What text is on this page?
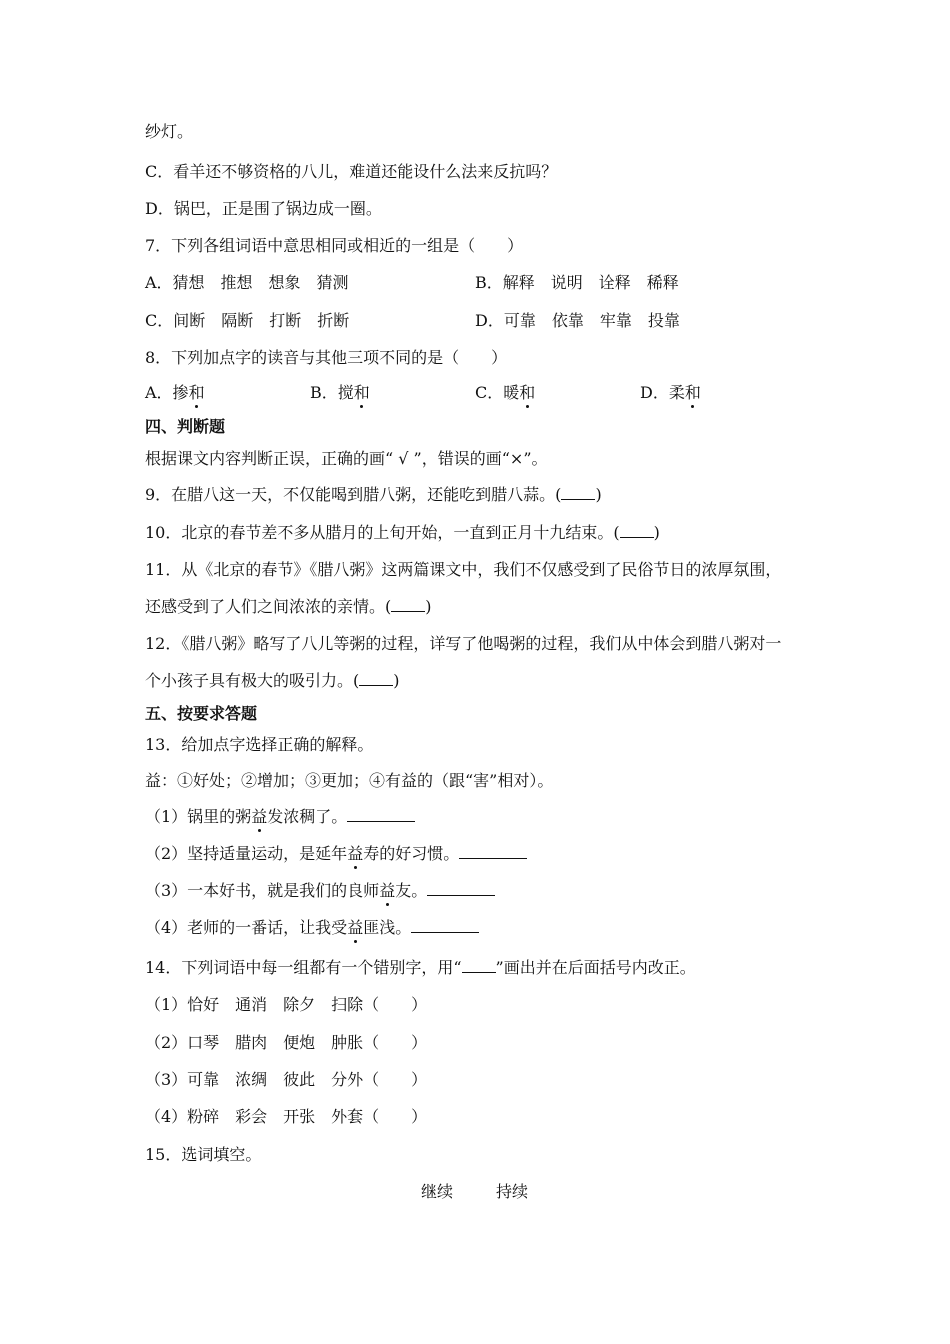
纱灯。
C．看羊还不够资格的八儿，难道还能设什么法来反抗吗？
D．锅巴，正是围了锅边成一圈。
7．下列各组词语中意思相同或相近的一组是（　　）
A．猜想　推想　想象　猜测	B．解释　说明　诠释　稀释
C．间断　隔断　打断　折断	D．可靠　依靠　牢靠　投靠
8．下列加点字的读音与其他三项不同的是（　　）
A．掺和	B．搅和	C．暖和	D．柔和
四、判断题
根据课文内容判断正误，正确的画“ √ ”，错误的画“×”。
9．在腊八这一天，不仅能喝到腊八粥，还能吃到腊八蒜。( )
10．北京的春节差不多从腊月的上旬开始，一直到正月十九结束。( )
11．从《北京的春节》《腊八粥》这两篇课文中，我们不仅感受到了民俗节日的浓厚氛围，
还感受到了人们之间浓浓的亲情。( )
12．《腊八粥》略写了八儿等粥的过程，详写了他喝粥的过程，我们从中体会到腊八粥对一
个小孩子具有极大的吸引力。( )
五、按要求答题
13．给加点字选择正确的解释。
益：①好处；②增加；③更加；④有益的（跟“害”相对）。
（1）锅里的粥益发浓稠了。
（2）坚持适量运动，是延年益寿的好习惯。
（3）一本好书，就是我们的良师益友。
（4）老师的一番话，让我受益匪浅。
14．下列词语中每一组都有一个错别字，用“ ”画出并在后面括号内改正。
（1）恰好　通消　除夕　扫除（　　）
（2）口琴　腊肉　便炮　肿胀（　　）
（3）可靠　浓绸　彼此　分外（　　）
（4）粉碎　彩会　开张　外套（　　）
15．选词填空。
继续	持续
